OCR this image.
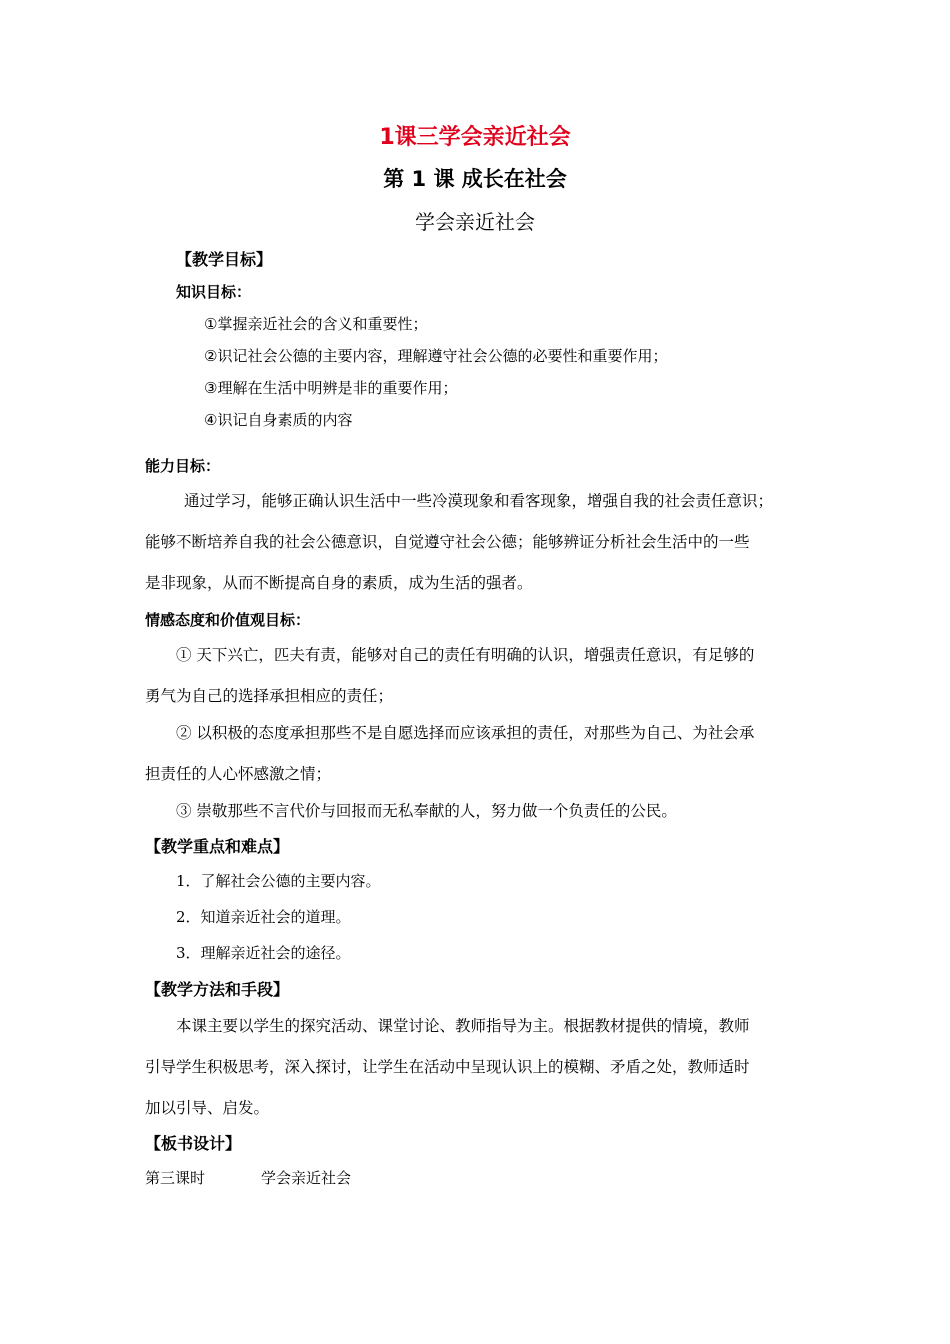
1课三学会亲近社会
第 1 课 成长在社会
学会亲近社会
【教学目标】
知识目标：
①掌握亲近社会的含义和重要性；
②识记社会公德的主要内容，理解遵守社会公德的必要性和重要作用；
③理解在生活中明辨是非的重要作用；
④识记自身素质的内容
能力目标：
通过学习，能够正确认识生活中一些冷漠现象和看客现象，增强自我的社会责任意识；
能够不断培养自我的社会公德意识，自觉遵守社会公德；能够辨证分析社会生活中的一些
是非现象，从而不断提高自身的素质，成为生活的强者。
情感态度和价值观目标：
① 天下兴亡，匹夫有责，能够对自己的责任有明确的认识，增强责任意识，有足够的
勇气为自己的选择承担相应的责任；
② 以积极的态度承担那些不是自愿选择而应该承担的责任，对那些为自己、为社会承
担责任的人心怀感激之情；
③ 崇敬那些不言代价与回报而无私奉献的人，努力做一个负责任的公民。
【教学重点和难点】
1．了解社会公德的主要内容。
2．知道亲近社会的道理。
3．理解亲近社会的途径。
【教学方法和手段】
本课主要以学生的探究活动、课堂讨论、教师指导为主。根据教材提供的情境，教师
引导学生积极思考，深入探讨，让学生在活动中呈现认识上的模糊、矛盾之处，教师适时
加以引导、启发。
【板书设计】
第三课时	学会亲近社会
